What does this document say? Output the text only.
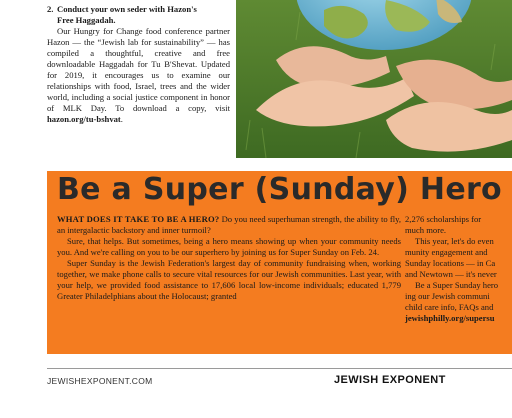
2. Conduct your own seder with Hazon's
Free Haggadah.

Our Hungry for Change food conference partner Hazon — the “Jewish lab for sustainability” — has compiled a thoughtful, creative and free downloadable Haggadah for Tu B'Shevat. Updated for 2019, it encourages us to examine our relationships with food, Israel, trees and the wider world, including a social justice component in honor of MLK Day. To download a copy, visit hazon.org/tu-bshvat.

Be a Super (Sunday) Hero

WHAT DOES IT TAKE TO BE A HERO? Do you need superhuman strength, the ability to fly, an intergalactic backstory and inner turmoil?

Sure, that helps. But sometimes, being a hero means showing up when your community needs you. And we're calling on you to be our superhero by joining us for Super Sunday on Feb. 24.

Super Sunday is the Jewish Federation's largest day of community fundraising when, working together, we make phone calls to secure vital resources for our Jewish communities. Last year, with your help, we provided food assistance to 17,606 local low-income individuals; educated 1,779 Greater Philadelphians about the Holocaust; granted

2,276 scholarships for

much more.

This year, let's do even

munity engagement and

Sunday locations — in Ca

and Newtown — it's never

Be a Super Sunday hero

ing our Jewish communi

child care info, FAQs and

jewishphilly.org/supersu

JEWISHEXPONENT.COM	JEWISH EXPONENT
